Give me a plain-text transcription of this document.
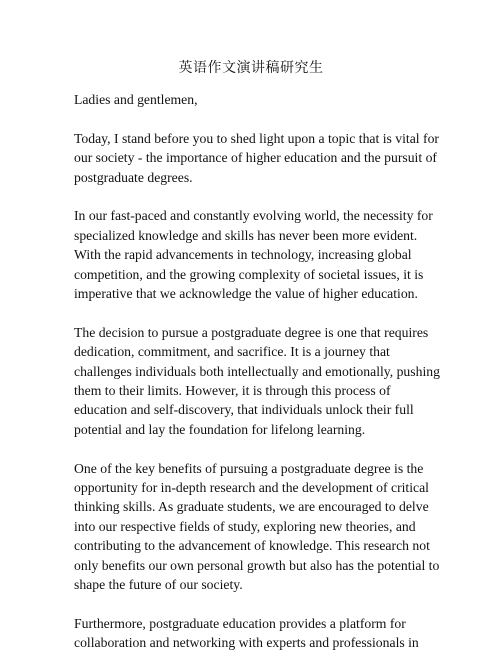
英语作文演讲稿研究生

Ladies and gentlemen,

Today, I stand before you to shed light upon a topic that is vital for our society - the importance of higher education and the pursuit of postgraduate degrees.

In our fast-paced and constantly evolving world, the necessity for specialized knowledge and skills has never been more evident. With the rapid advancements in technology, increasing global competition, and the growing complexity of societal issues, it is imperative that we acknowledge the value of higher education.

The decision to pursue a postgraduate degree is one that requires dedication, commitment, and sacrifice. It is a journey that challenges individuals both intellectually and emotionally, pushing them to their limits. However, it is through this process of education and self-discovery, that individuals unlock their full potential and lay the foundation for lifelong learning.

One of the key benefits of pursuing a postgraduate degree is the opportunity for in-depth research and the development of critical thinking skills. As graduate students, we are encouraged to delve into our respective fields of study, exploring new theories, and contributing to the advancement of knowledge. This research not only benefits our own personal growth but also has the potential to shape the future of our society.

Furthermore, postgraduate education provides a platform for collaboration and networking with experts and professionals in
